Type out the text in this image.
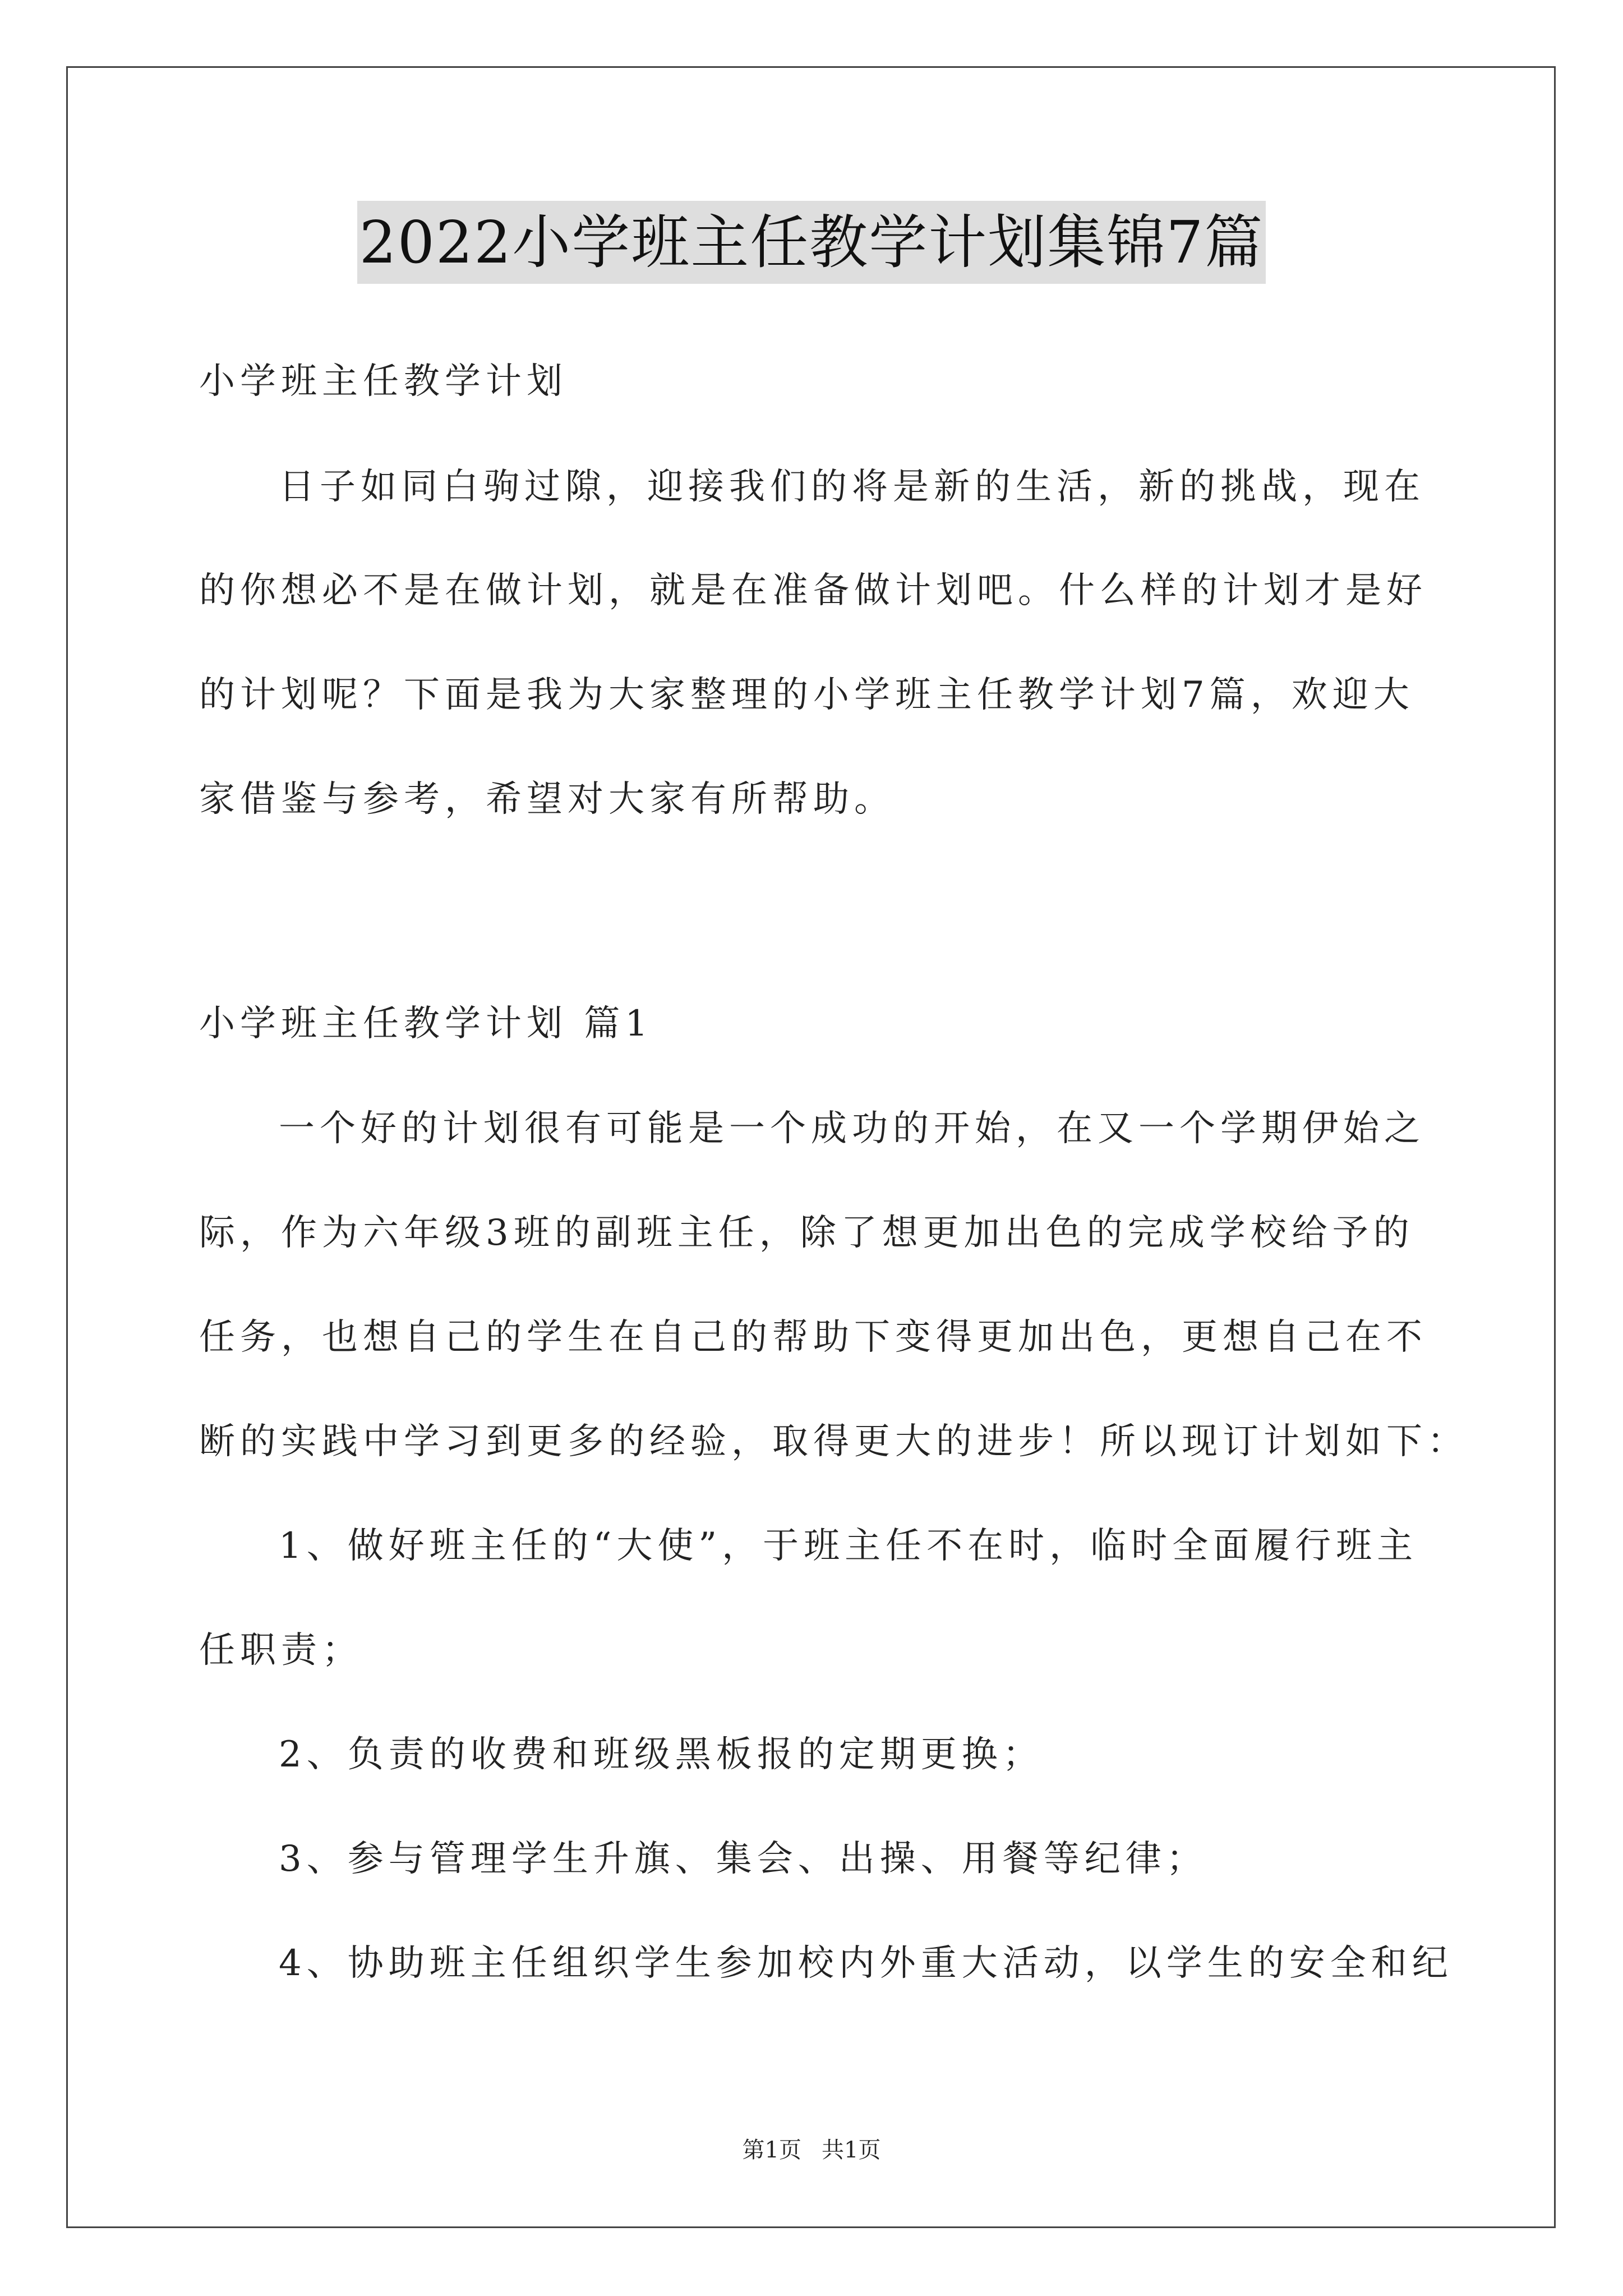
2022小学班主任教学计划集锦7篇
小学班主任教学计划
日子如同白驹过隙，迎接我们的将是新的生活，新的挑战，现在
的你想必不是在做计划，就是在准备做计划吧。什么样的计划才是好
的计划呢？下面是我为大家整理的小学班主任教学计划7篇，欢迎大
家借鉴与参考，希望对大家有所帮助。
小学班主任教学计划 篇1
一个好的计划很有可能是一个成功的开始，在又一个学期伊始之
际，作为六年级3班的副班主任，除了想更加出色的完成学校给予的
任务，也想自己的学生在自己的帮助下变得更加出色，更想自己在不
断的实践中学习到更多的经验，取得更大的进步！所以现订计划如下：
1、做好班主任的“大使”，于班主任不在时，临时全面履行班主
任职责；
2、负责的收费和班级黑板报的定期更换；
3、参与管理学生升旗、集会、出操、用餐等纪律；
4、协助班主任组织学生参加校内外重大活动，以学生的安全和纪
第1页 共1页
